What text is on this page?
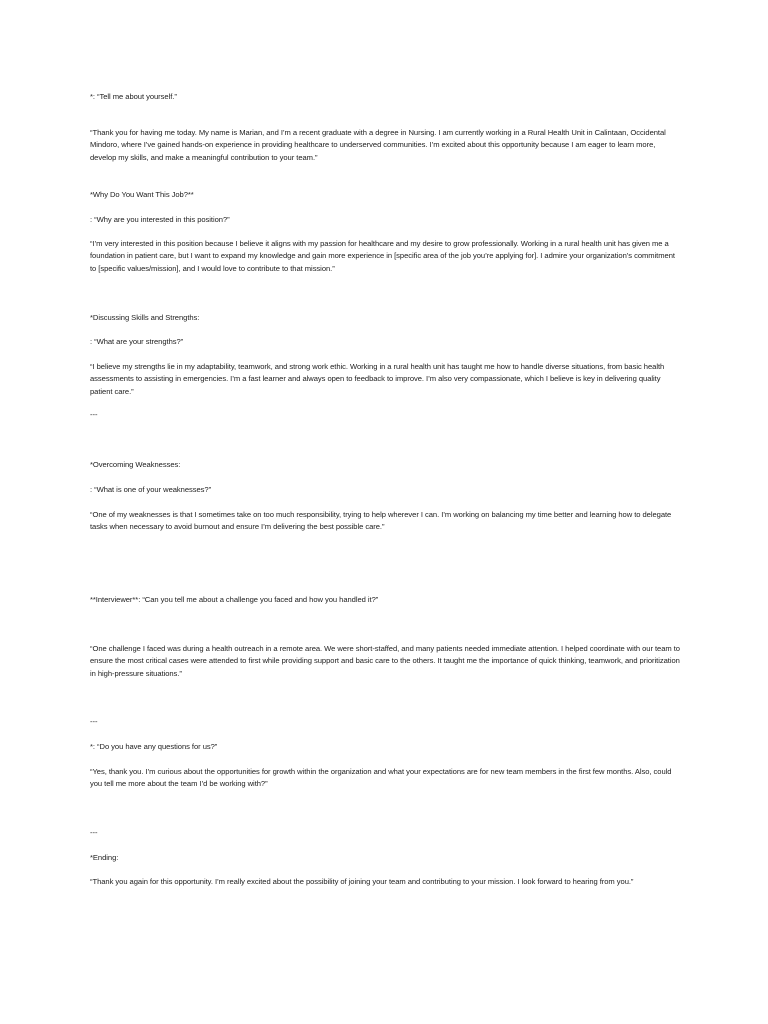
*: “Tell me about yourself.”

“Thank you for having me today. My name is Marian, and I’m a recent graduate with a degree in Nursing. I am currently working in a Rural Health Unit in Calintaan, Occidental Mindoro, where I’ve gained hands-on experience in providing healthcare to underserved communities. I’m excited about this opportunity because I am eager to learn more, develop my skills, and make a meaningful contribution to your team.”

*Why Do You Want This Job?**

: “Why are you interested in this position?”

“I’m very interested in this position because I believe it aligns with my passion for healthcare and my desire to grow professionally. Working in a rural health unit has given me a foundation in patient care, but I want to expand my knowledge and gain more experience in [specific area of the job you’re applying for]. I admire your organization’s commitment to [specific values/mission], and I would love to contribute to that mission.”

*Discussing Skills and Strengths:

: “What are your strengths?”

“I believe my strengths lie in my adaptability, teamwork, and strong work ethic. Working in a rural health unit has taught me how to handle diverse situations, from basic health assessments to assisting in emergencies. I’m a fast learner and always open to feedback to improve. I’m also very compassionate, which I believe is key in delivering quality patient care.”

---

*Overcoming Weaknesses:

: “What is one of your weaknesses?”

“One of my weaknesses is that I sometimes take on too much responsibility, trying to help wherever I can. I’m working on balancing my time better and learning how to delegate tasks when necessary to avoid burnout and ensure I’m delivering the best possible care.”

**Interviewer**: “Can you tell me about a challenge you faced and how you handled it?”

“One challenge I faced was during a health outreach in a remote area. We were short-staffed, and many patients needed immediate attention. I helped coordinate with our team to ensure the most critical cases were attended to first while providing support and basic care to the others. It taught me the importance of quick thinking, teamwork, and prioritization in high-pressure situations.”

---

*: “Do you have any questions for us?”

“Yes, thank you. I’m curious about the opportunities for growth within the organization and what your expectations are for new team members in the first few months. Also, could you tell me more about the team I’d be working with?”

---

*Ending:

“Thank you again for this opportunity. I’m really excited about the possibility of joining your team and contributing to your mission. I look forward to hearing from you.”
